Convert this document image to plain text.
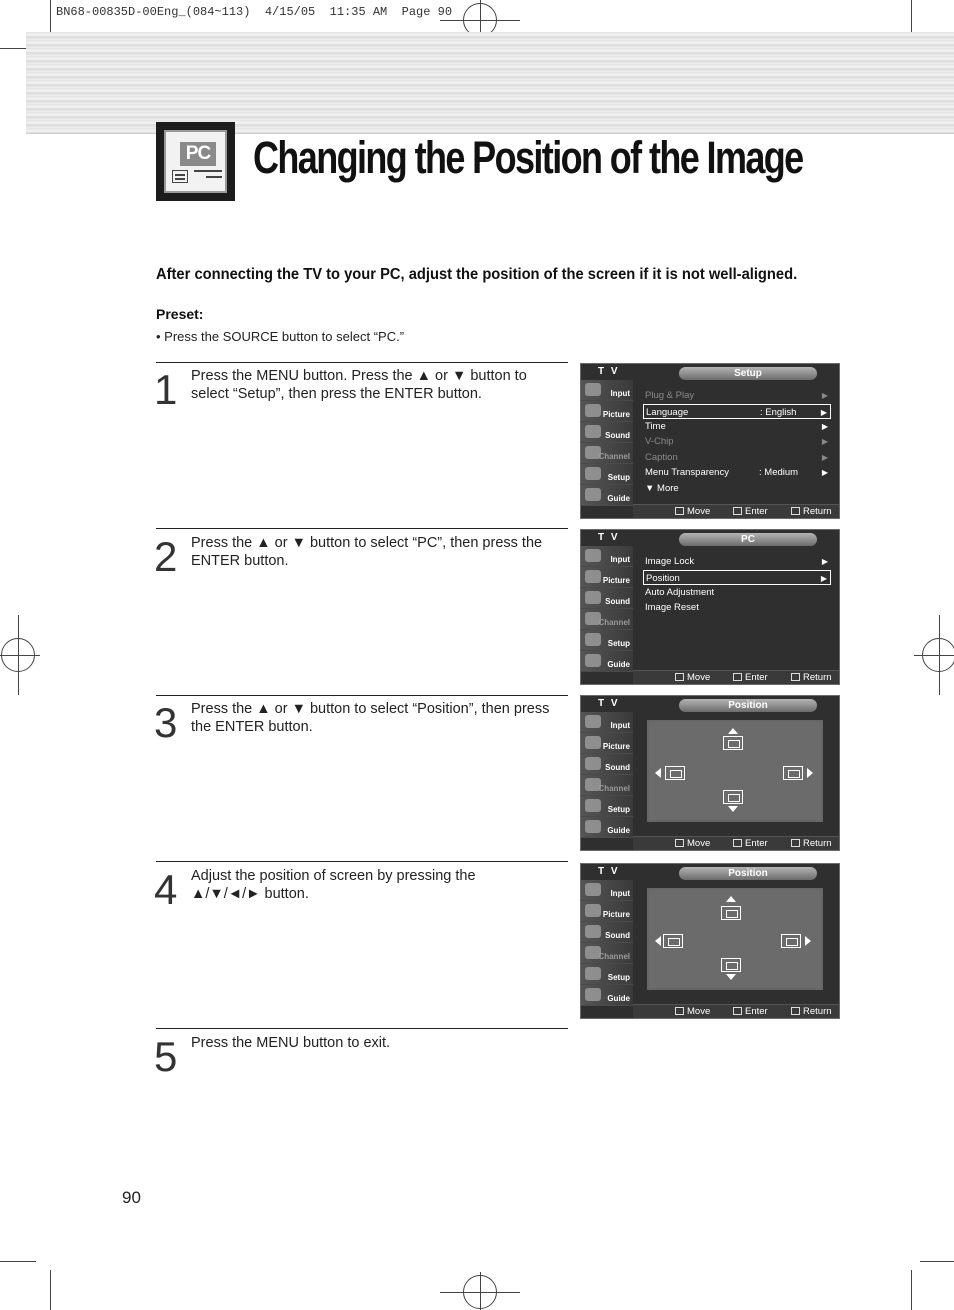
BN68-00835D-00Eng_(084~113)  4/15/05  11:35 AM  Page 90
PC Changing the Position of the Image
After connecting the TV to your PC, adjust the position of the screen if it is not well-aligned.
Preset:
• Press the SOURCE button to select “PC.”
1 Press the MENU button. Press the ▲ or ▼ button to select “Setup”, then press the ENTER button.
2 Press the ▲ or ▼ button to select “PC”, then press the ENTER button.
3 Press the ▲ or ▼ button to select “Position”, then press the ENTER button.
4 Adjust the position of screen by pressing the ▲/▼/◄/► button.
5 Press the MENU button to exit.
T V	Setup
Input
Picture
Sound
Channel
Setup
Guide
Plug & Play	▶
Language	: English	▶
Time	▶
V-Chip	▶
Caption	▶
Menu Transparency	: Medium	▶
▼ More
Move	Enter	Return
T V	PC
Input
Picture
Sound
Channel
Setup
Guide
Image Lock	▶
Position	▶
Auto Adjustment
Image Reset
Move	Enter	Return
T V	Position
Input
Picture
Sound
Channel
Setup
Guide
Move	Enter	Return
T V	Position
Input
Picture
Sound
Channel
Setup
Guide
Move	Enter	Return
90
